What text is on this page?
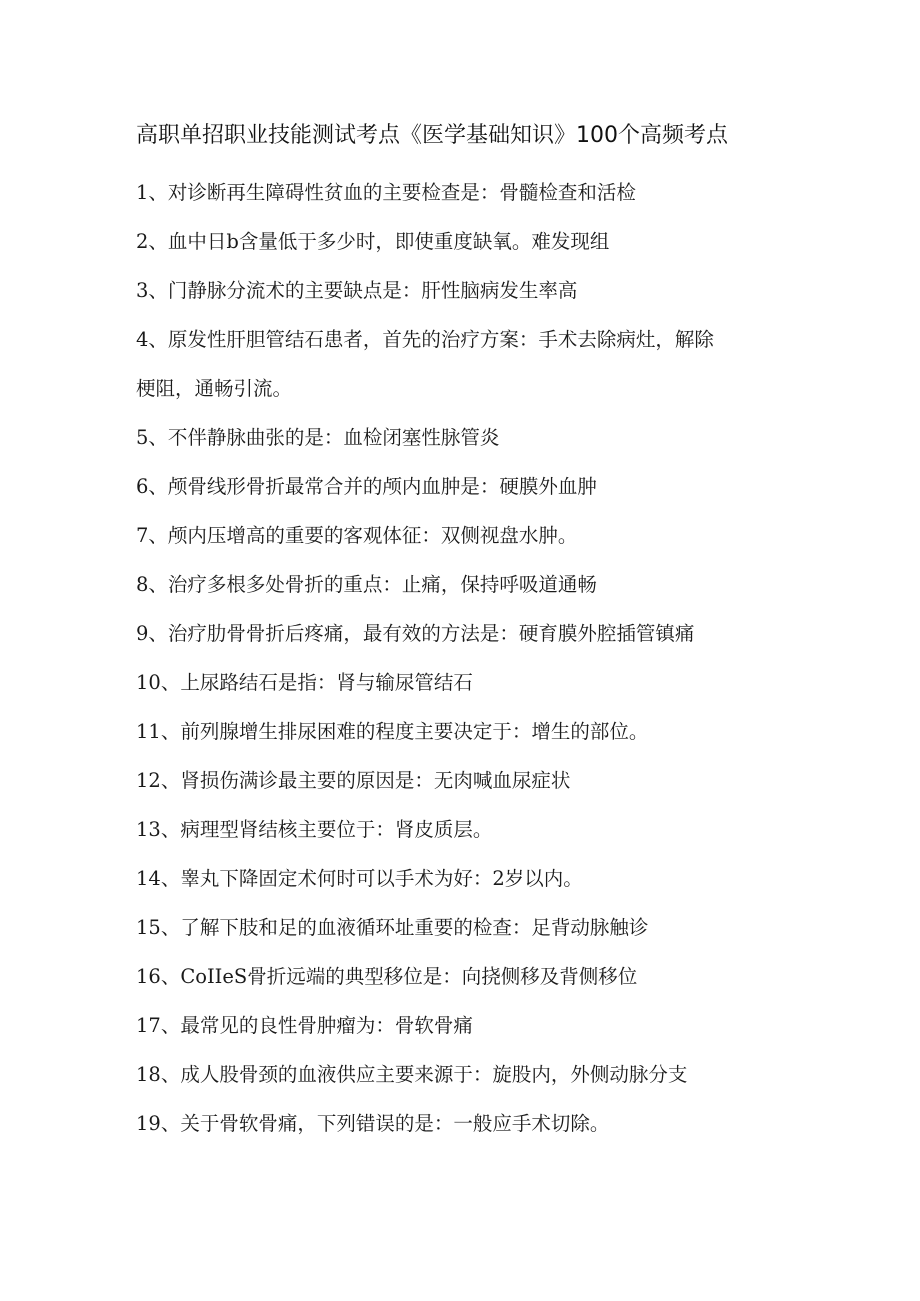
高职单招职业技能测试考点《医学基础知识》100个高频考点
1、对诊断再生障碍性贫血的主要检查是：骨髓检查和活检
2、血中日b含量低于多少时，即使重度缺氧。难发现组
3、门静脉分流术的主要缺点是：肝性脑病发生率高
4、原发性肝胆管结石患者，首先的治疗方案：手术去除病灶，解除
梗阻，通畅引流。
5、不伴静脉曲张的是：血检闭塞性脉管炎
6、颅骨线形骨折最常合并的颅内血肿是：硬膜外血肿
7、颅内压增高的重要的客观体征：双侧视盘水肿。
8、治疗多根多处骨折的重点：止痛，保持呼吸道通畅
9、治疗肋骨骨折后疼痛，最有效的方法是：硬育膜外腔插管镇痛
10、上尿路结石是指：肾与输尿管结石
11、前列腺增生排尿困难的程度主要决定于：增生的部位。
12、肾损伤满诊最主要的原因是：无肉喊血尿症状
13、病理型肾结核主要位于：肾皮质层。
14、睾丸下降固定术何时可以手术为好：2岁以内。
15、了解下肢和足的血液循环址重要的检查：足背动脉触诊
16、CoIIeS骨折远端的典型移位是：向挠侧移及背侧移位
17、最常见的良性骨肿瘤为：骨软骨痛
18、成人股骨颈的血液供应主要来源于：旋股内，外侧动脉分支
19、关于骨软骨痛，下列错误的是：一般应手术切除。
